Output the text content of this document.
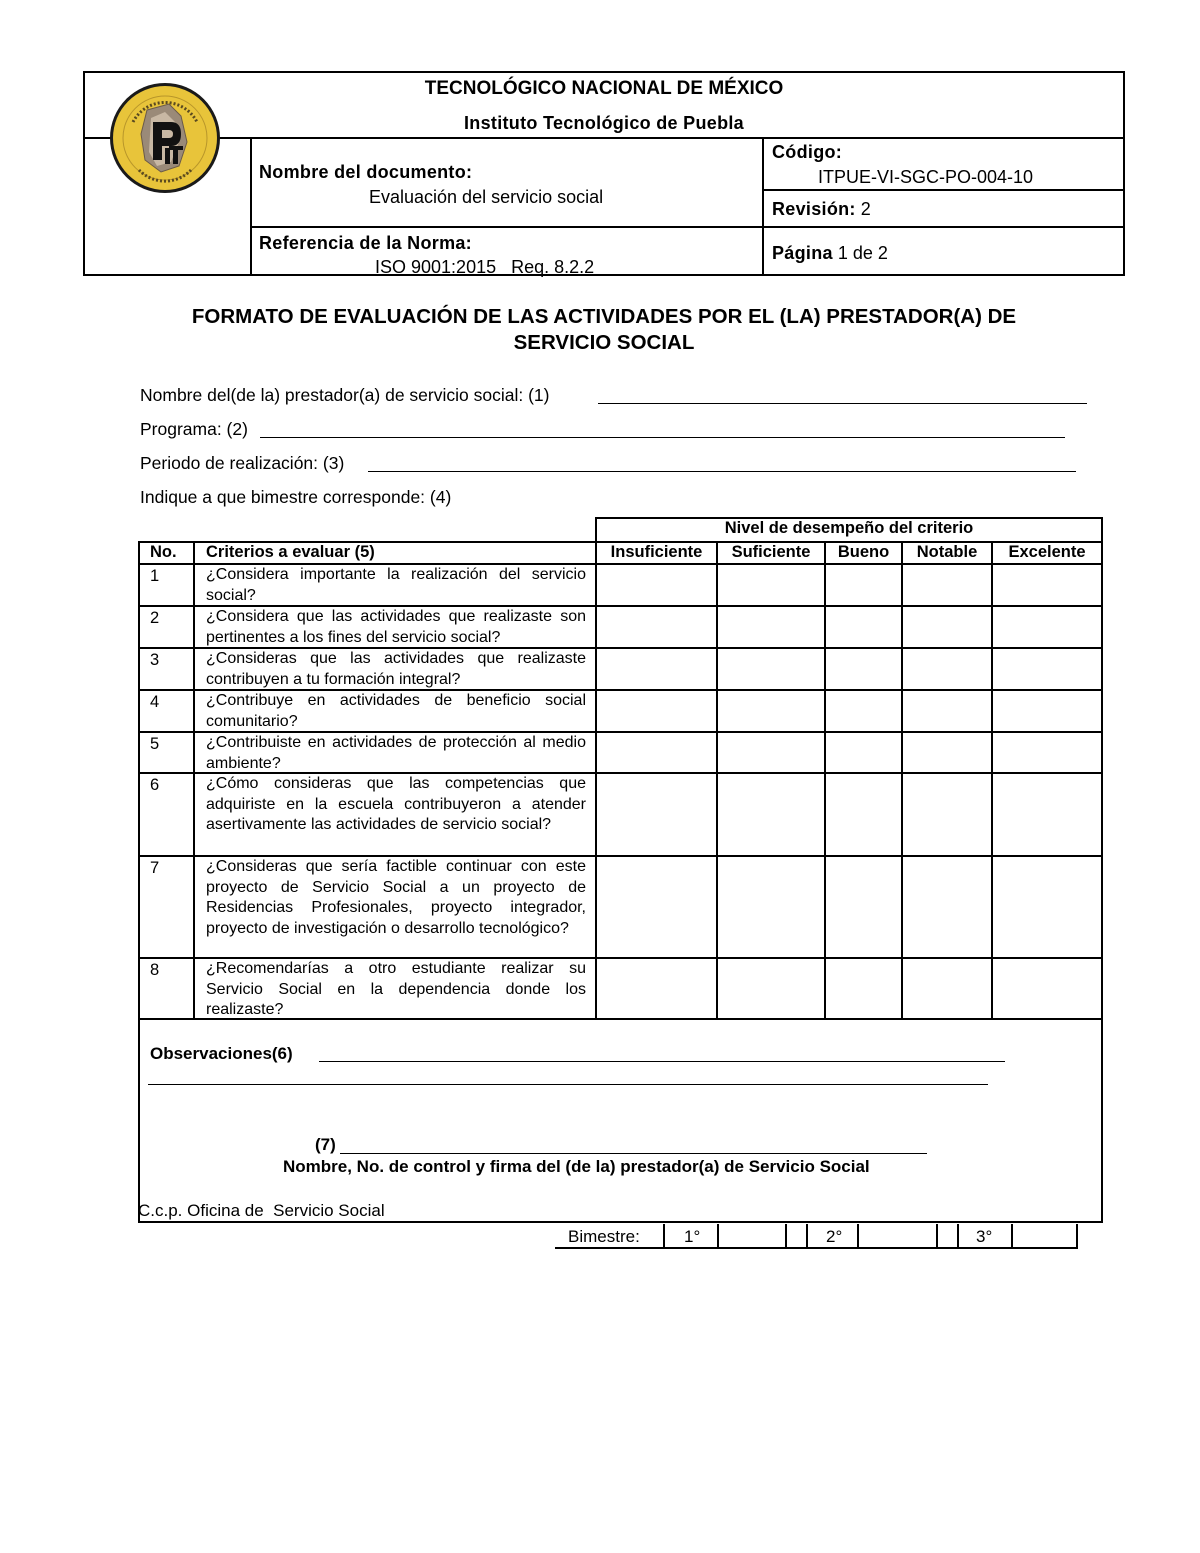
TECNOLÓGICO NACIONAL DE MÉXICO
Instituto Tecnológico de Puebla
Nombre del documento:
Evaluación del servicio social
Referencia de la Norma:
ISO 9001:2015   Req. 8.2.2
Código:
ITPUE-VI-SGC-PO-004-10
Revisión: 2
Página 1 de 2
FORMATO DE EVALUACIÓN DE LAS ACTIVIDADES POR EL (LA) PRESTADOR(A) DE
SERVICIO SOCIAL
Nombre del(de la) prestador(a) de servicio social: (1)
Programa: (2)
Periodo de realización: (3)
Indique a que bimestre corresponde: (4)
Nivel de desempeño del criterio
No. Criterios a evaluar (5)	Insuficiente	Suficiente	Bueno	Notable	Excelente
1	¿Considera importante la realización del servicio social?
2	¿Considera que las actividades que realizaste son pertinentes a los fines del servicio social?
3	¿Consideras que las actividades que realizaste contribuyen a tu formación integral?
4	¿Contribuye en actividades de beneficio social comunitario?
5	¿Contribuiste en actividades de protección al medio ambiente?
6	¿Cómo consideras que las competencias que adquiriste en la escuela contribuyeron a atender asertivamente las actividades de servicio social?
7	¿Consideras que sería factible continuar con este proyecto de Servicio Social a un proyecto de Residencias Profesionales, proyecto integrador, proyecto de investigación o desarrollo tecnológico?
8	¿Recomendarías a otro estudiante realizar su Servicio Social en la dependencia donde los realizaste?
Observaciones(6)
(7)
Nombre, No. de control y firma del (de la) prestador(a) de Servicio Social
C.c.p. Oficina de  Servicio Social
Bimestre:	1°	2°	3°
